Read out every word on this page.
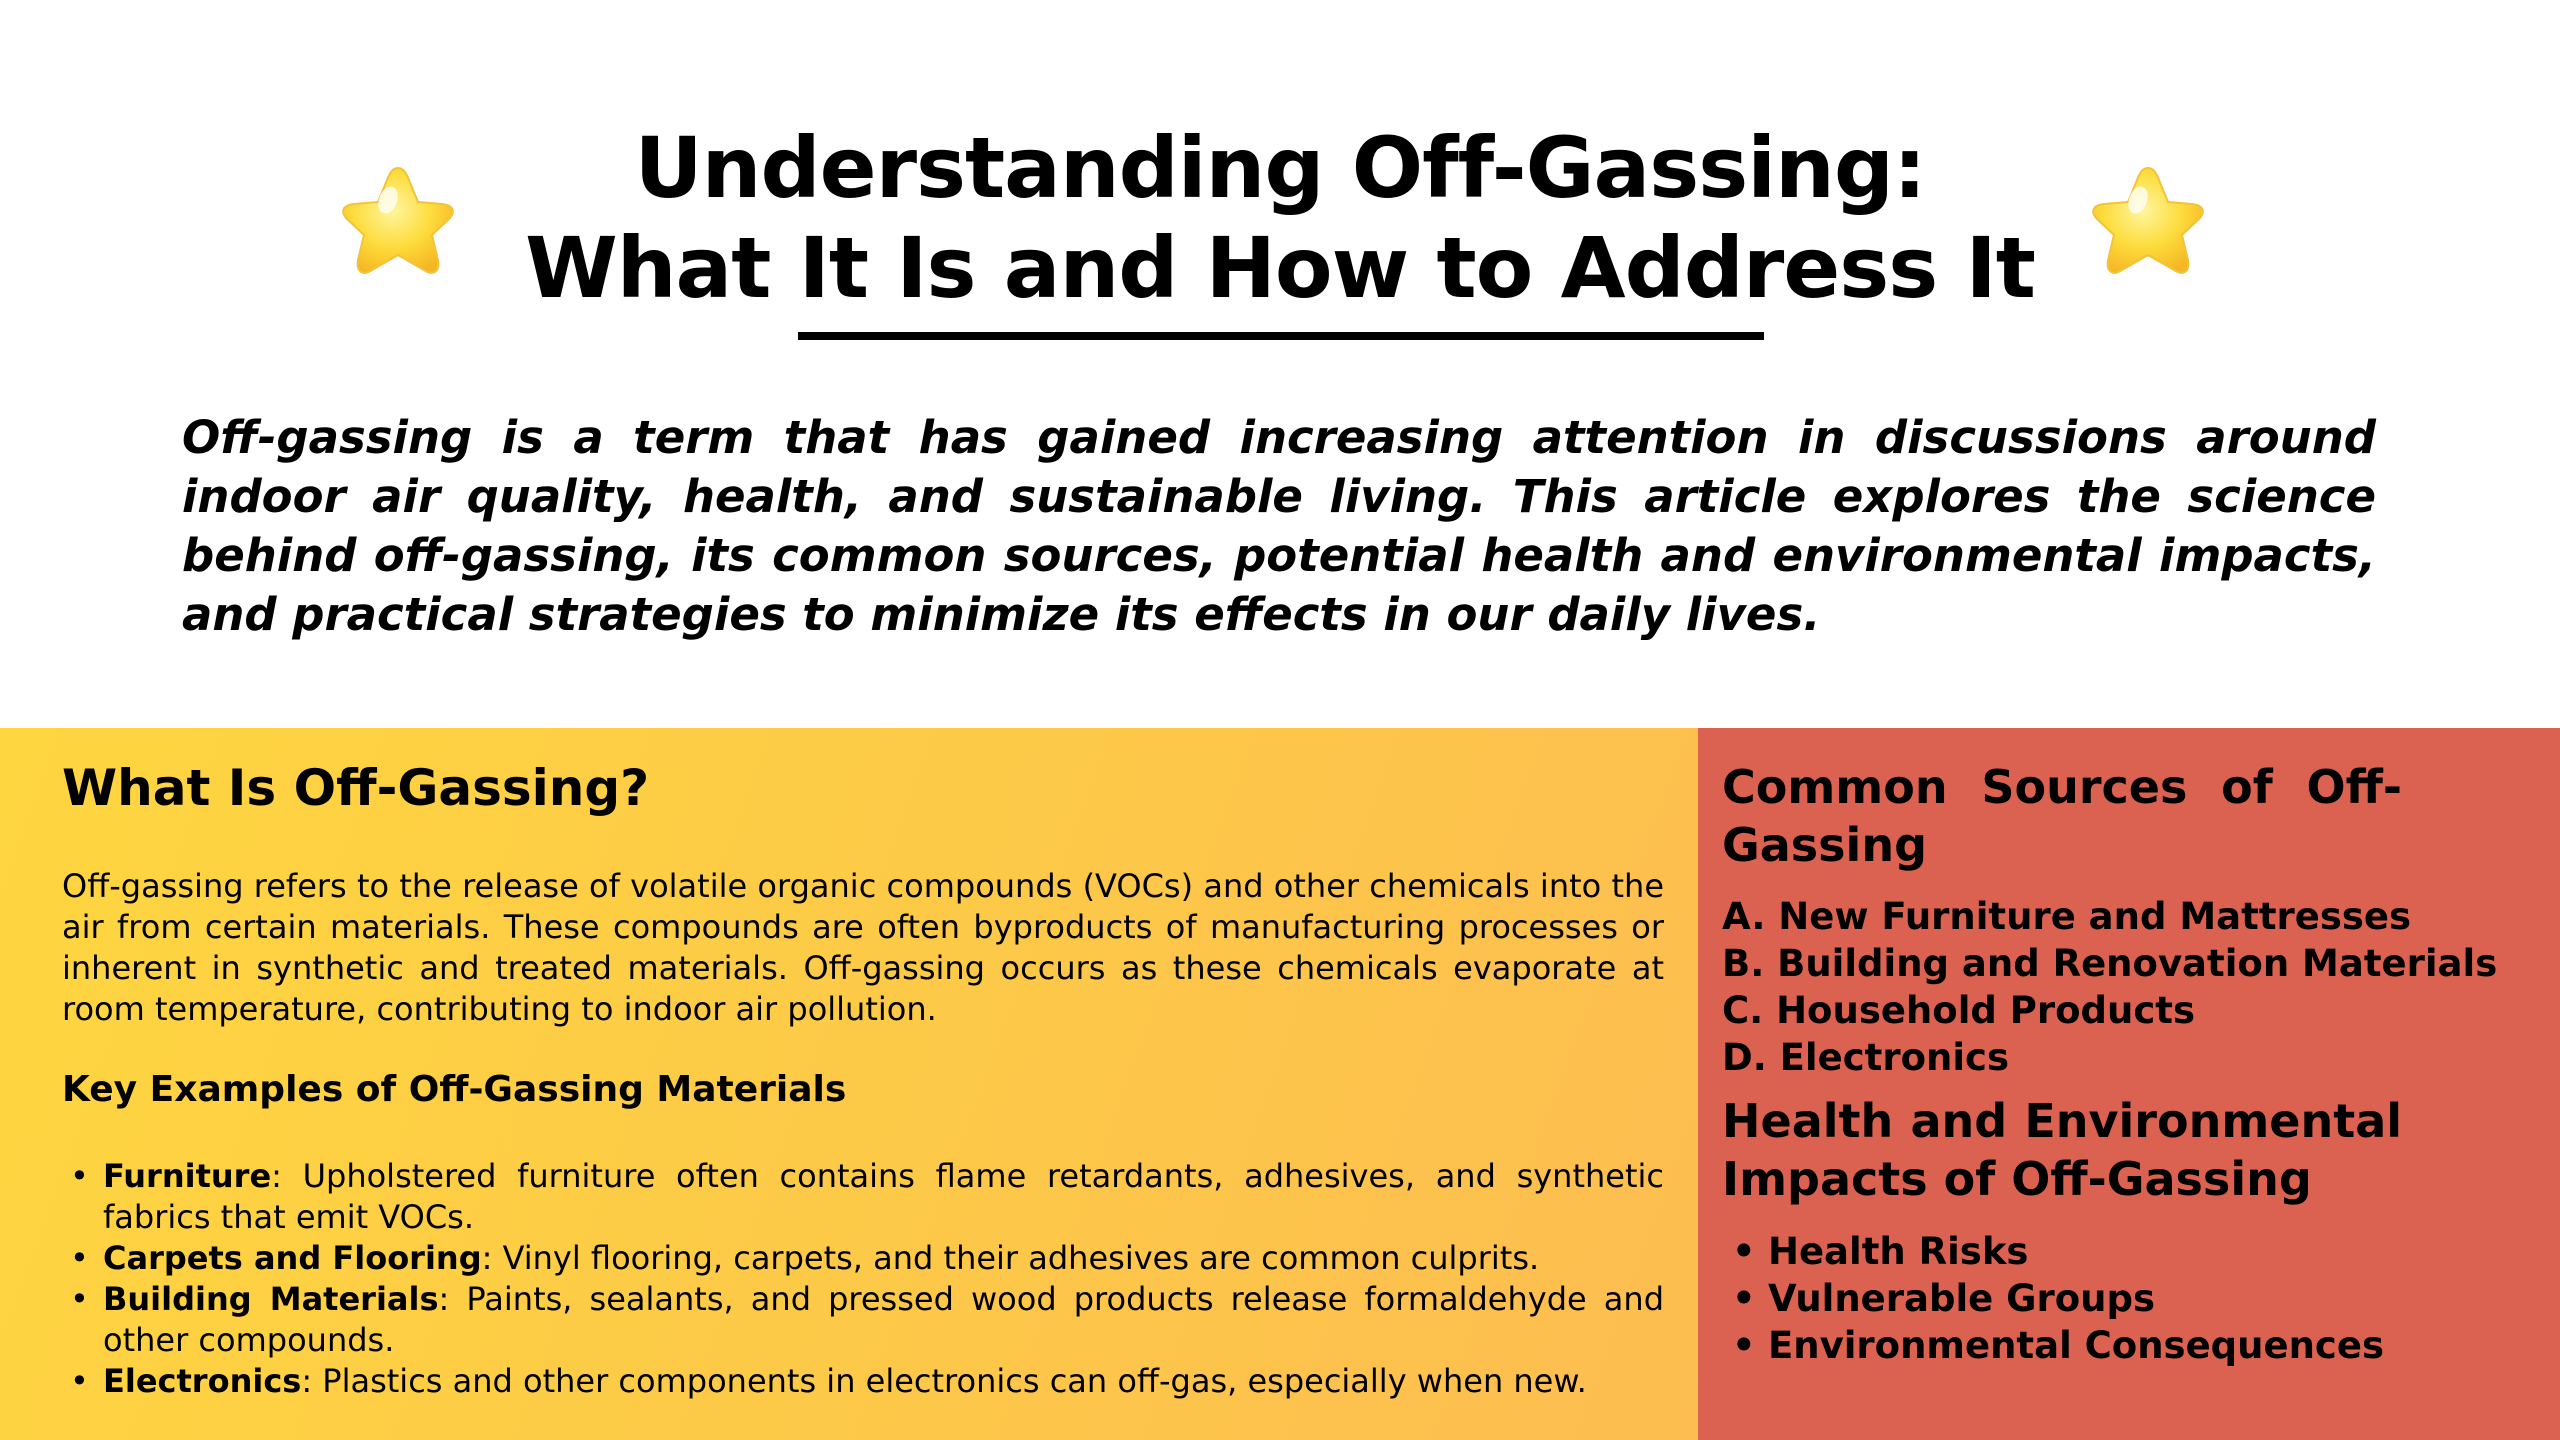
Understanding Off-Gassing:
What It Is and How to Address It
Off-gassing is a term that has gained increasing attention in discussions around indoor air quality, health, and sustainable living. This article explores the science behind off-gassing, its common sources, potential health and environmental impacts, and practical strategies to minimize its effects in our daily lives.
What Is Off-Gassing?
Off-gassing refers to the release of volatile organic compounds (VOCs) and other chemicals into the air from certain materials. These compounds are often byproducts of manufacturing processes or inherent in synthetic and treated materials. Off-gassing occurs as these chemicals evaporate at room temperature, contributing to indoor air pollution.
Key Examples of Off-Gassing Materials
• Furniture: Upholstered furniture often contains flame retardants, adhesives, and synthetic fabrics that emit VOCs.
• Carpets and Flooring: Vinyl flooring, carpets, and their adhesives are common culprits.
• Building Materials: Paints, sealants, and pressed wood products release formaldehyde and other compounds.
• Electronics: Plastics and other components in electronics can off-gas, especially when new.
Common Sources of Off-Gassing
A. New Furniture and Mattresses
B. Building and Renovation Materials
C. Household Products
D. Electronics
Health and Environmental Impacts of Off-Gassing
• Health Risks
• Vulnerable Groups
• Environmental Consequences
